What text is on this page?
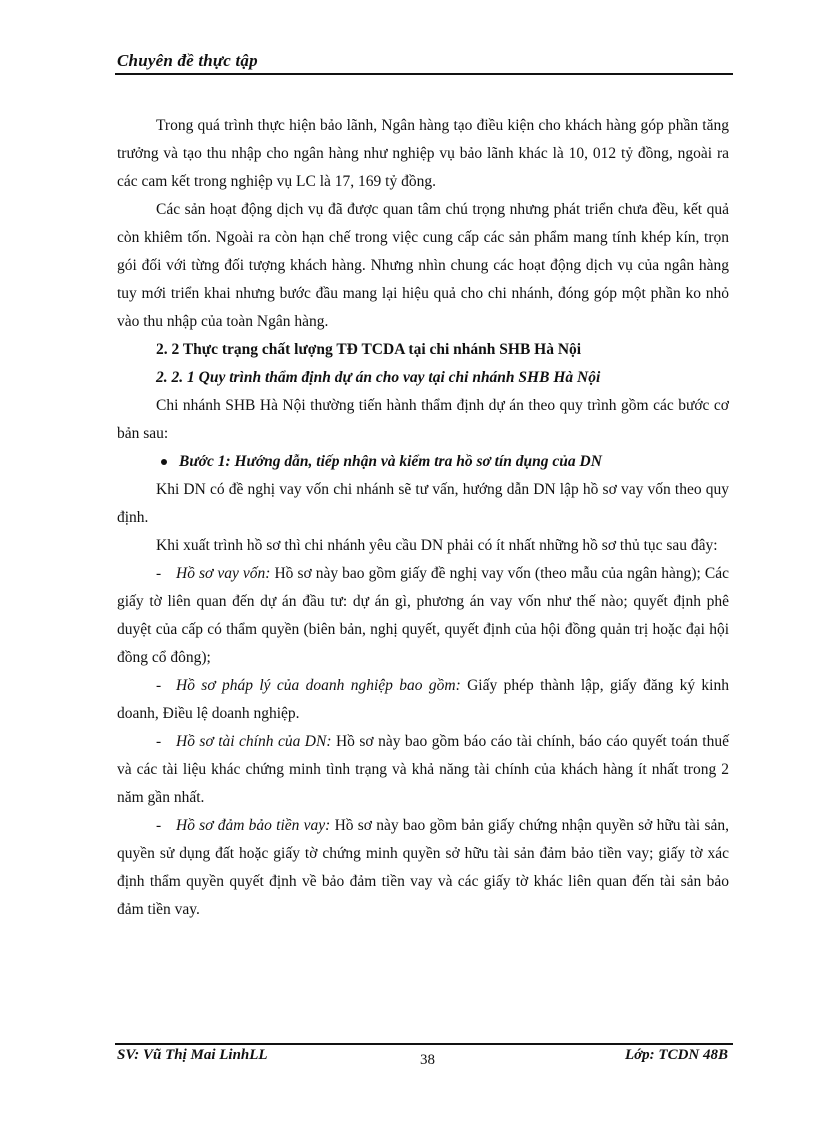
Chuyên đề thực tập

Trong quá trình thực hiện bảo lãnh, Ngân hàng tạo điều kiện cho khách hàng góp phần tăng trưởng và tạo thu nhập cho ngân hàng như nghiệp vụ bảo lãnh khác là 10, 012 tỷ đồng, ngoài ra các cam kết trong nghiệp vụ LC là 17, 169 tỷ đồng.

Các sản hoạt động dịch vụ đã được quan tâm chú trọng nhưng phát triển chưa đều, kết quả còn khiêm tốn. Ngoài ra còn hạn chế trong việc cung cấp các sản phẩm mang tính khép kín, trọn gói đối với từng đối tượng khách hàng. Nhưng nhìn chung các hoạt động dịch vụ của ngân hàng tuy mới triển khai nhưng bước đầu mang lại hiệu quả cho chi nhánh, đóng góp một phần ko nhỏ vào thu nhập của toàn Ngân hàng.

2. 2 Thực trạng chất lượng TĐ TCDA tại chi nhánh SHB Hà Nội

2. 2. 1 Quy trình thẩm định dự án cho vay tại chi nhánh SHB Hà Nội

Chi nhánh SHB Hà Nội thường tiến hành thẩm định dự án theo quy trình gồm các bước cơ bản sau:

Bước 1: Hướng dẫn, tiếp nhận và kiểm tra hồ sơ tín dụng của DN

Khi DN có đề nghị vay vốn chi nhánh sẽ tư vấn, hướng dẫn DN lập hồ sơ vay vốn theo quy định.

Khi xuất trình hồ sơ thì chi nhánh yêu cầu DN phải có ít nhất những hồ sơ thủ tục sau đây:

- Hồ sơ vay vốn: Hồ sơ này bao gồm giấy đề nghị vay vốn (theo mẫu của ngân hàng); Các giấy tờ liên quan đến dự án đầu tư: dự án gì, phương án vay vốn như thế nào; quyết định phê duyệt của cấp có thẩm quyền (biên bản, nghị quyết, quyết định của hội đồng quản trị hoặc đại hội đồng cổ đông);

- Hồ sơ pháp lý của doanh nghiệp bao gồm: Giấy phép thành lập, giấy đăng ký kinh doanh, Điều lệ doanh nghiệp.

- Hồ sơ tài chính của DN: Hồ sơ này bao gồm báo cáo tài chính, báo cáo quyết toán thuế và các tài liệu khác chứng minh tình trạng và khả năng tài chính của khách hàng ít nhất trong 2 năm gần nhất.

- Hồ sơ đảm bảo tiền vay: Hồ sơ này bao gồm bản giấy chứng nhận quyền sở hữu tài sản, quyền sử dụng đất hoặc giấy tờ chứng minh quyền sở hữu tài sản đảm bảo tiền vay; giấy tờ xác định thẩm quyền quyết định về bảo đảm tiền vay và các giấy tờ khác liên quan đến tài sản bảo đảm tiền vay.

SV: Vũ Thị Mai LinhLL	38	Lớp: TCDN 48B
